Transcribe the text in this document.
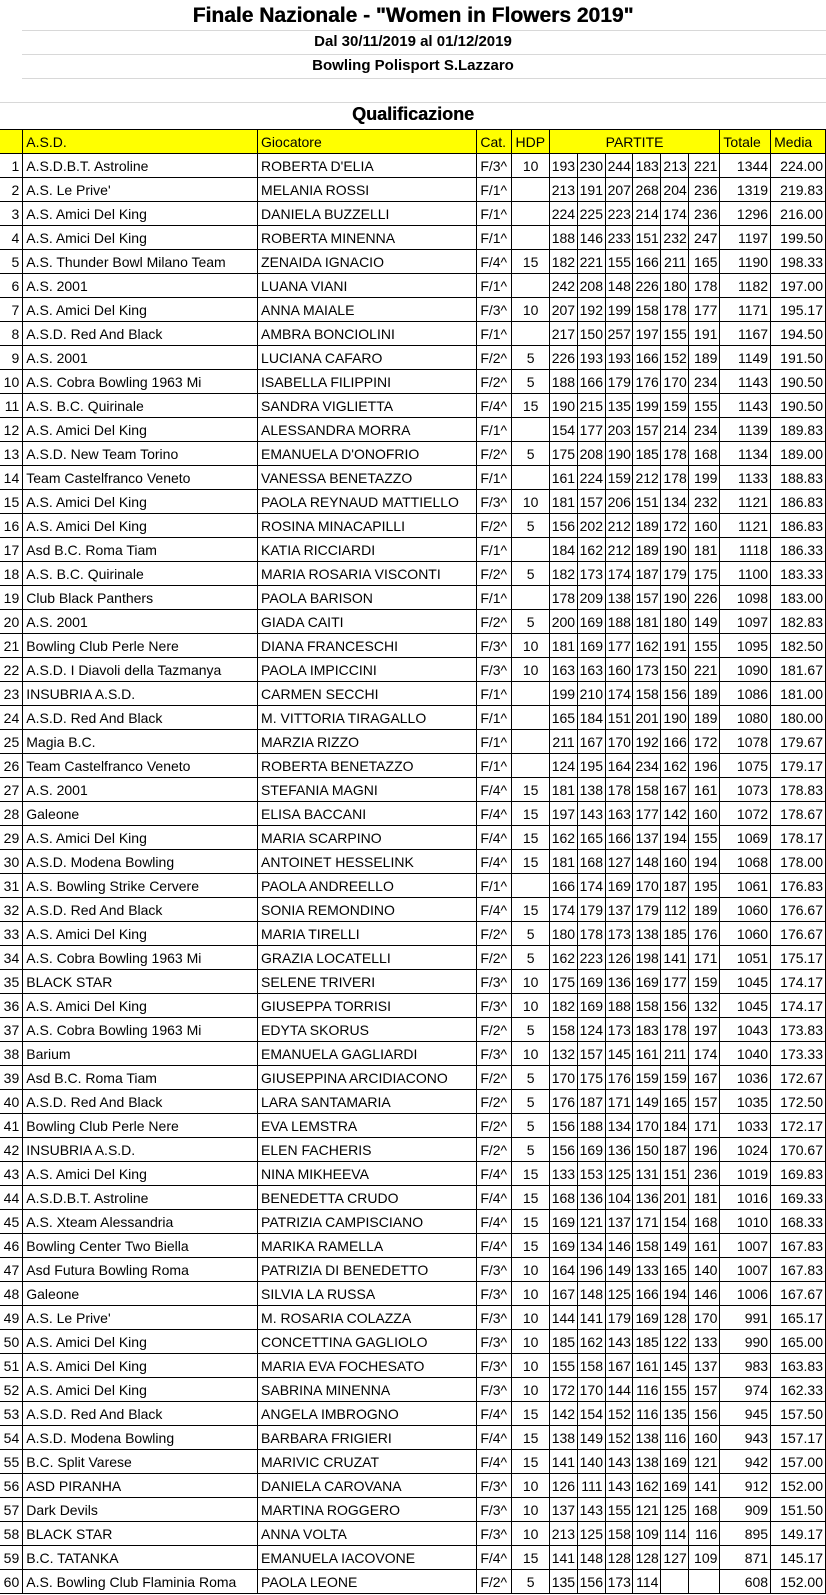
Finale Nazionale - "Women in Flowers 2019"
Dal 30/11/2019 al 01/12/2019
Bowling Polisport S.Lazzaro
Qualificazione
	A.S.D.	Giocatore	Cat.	HDP	PARTITE						Totale	Media
1	A.S.D.B.T. Astroline	ROBERTA D'ELIA	F/3^	10	193	230	244	183	213	221	1344	224.00
2	A.S. Le Prive'	MELANIA ROSSI	F/1^		213	191	207	268	204	236	1319	219.83
3	A.S. Amici Del King	DANIELA BUZZELLI	F/1^		224	225	223	214	174	236	1296	216.00
4	A.S. Amici Del King	ROBERTA MINENNA	F/1^		188	146	233	151	232	247	1197	199.50
5	A.S. Thunder Bowl Milano Team	ZENAIDA IGNACIO	F/4^	15	182	221	155	166	211	165	1190	198.33
6	A.S. 2001	LUANA VIANI	F/1^		242	208	148	226	180	178	1182	197.00
7	A.S. Amici Del King	ANNA MAIALE	F/3^	10	207	192	199	158	178	177	1171	195.17
8	A.S.D. Red And Black	AMBRA BONCIOLINI	F/1^		217	150	257	197	155	191	1167	194.50
9	A.S. 2001	LUCIANA CAFARO	F/2^	5	226	193	193	166	152	189	1149	191.50
10	A.S. Cobra Bowling 1963 Mi	ISABELLA FILIPPINI	F/2^	5	188	166	179	176	170	234	1143	190.50
11	A.S. B.C. Quirinale	SANDRA VIGLIETTA	F/4^	15	190	215	135	199	159	155	1143	190.50
12	A.S. Amici Del King	ALESSANDRA MORRA	F/1^		154	177	203	157	214	234	1139	189.83
13	A.S.D. New Team Torino	EMANUELA D'ONOFRIO	F/2^	5	175	208	190	185	178	168	1134	189.00
14	Team Castelfranco Veneto	VANESSA BENETAZZO	F/1^		161	224	159	212	178	199	1133	188.83
15	A.S. Amici Del King	PAOLA REYNAUD MATTIELLO	F/3^	10	181	157	206	151	134	232	1121	186.83
16	A.S. Amici Del King	ROSINA MINACAPILLI	F/2^	5	156	202	212	189	172	160	1121	186.83
17	Asd B.C. Roma Tiam	KATIA RICCIARDI	F/1^		184	162	212	189	190	181	1118	186.33
18	A.S. B.C. Quirinale	MARIA ROSARIA VISCONTI	F/2^	5	182	173	174	187	179	175	1100	183.33
19	Club Black Panthers	PAOLA BARISON	F/1^		178	209	138	157	190	226	1098	183.00
20	A.S. 2001	GIADA CAITI	F/2^	5	200	169	188	181	180	149	1097	182.83
21	Bowling Club Perle Nere	DIANA FRANCESCHI	F/3^	10	181	169	177	162	191	155	1095	182.50
22	A.S.D. I Diavoli della Tazmanya	PAOLA IMPICCINI	F/3^	10	163	163	160	173	150	221	1090	181.67
23	INSUBRIA A.S.D.	CARMEN SECCHI	F/1^		199	210	174	158	156	189	1086	181.00
24	A.S.D. Red And Black	M. VITTORIA TIRAGALLO	F/1^		165	184	151	201	190	189	1080	180.00
25	Magia B.C.	MARZIA RIZZO	F/1^		211	167	170	192	166	172	1078	179.67
26	Team Castelfranco Veneto	ROBERTA BENETAZZO	F/1^		124	195	164	234	162	196	1075	179.17
27	A.S. 2001	STEFANIA MAGNI	F/4^	15	181	138	178	158	167	161	1073	178.83
28	Galeone	ELISA BACCANI	F/4^	15	197	143	163	177	142	160	1072	178.67
29	A.S. Amici Del King	MARIA SCARPINO	F/4^	15	162	165	166	137	194	155	1069	178.17
30	A.S.D. Modena Bowling	ANTOINET HESSELINK	F/4^	15	181	168	127	148	160	194	1068	178.00
31	A.S. Bowling Strike Cervere	PAOLA ANDREELLO	F/1^		166	174	169	170	187	195	1061	176.83
32	A.S.D. Red And Black	SONIA REMONDINO	F/4^	15	174	179	137	179	112	189	1060	176.67
33	A.S. Amici Del King	MARIA TIRELLI	F/2^	5	180	178	173	138	185	176	1060	176.67
34	A.S. Cobra Bowling 1963 Mi	GRAZIA LOCATELLI	F/2^	5	162	223	126	198	141	171	1051	175.17
35	BLACK STAR	SELENE TRIVERI	F/3^	10	175	169	136	169	177	159	1045	174.17
36	A.S. Amici Del King	GIUSEPPA TORRISI	F/3^	10	182	169	188	158	156	132	1045	174.17
37	A.S. Cobra Bowling 1963 Mi	EDYTA SKORUS	F/2^	5	158	124	173	183	178	197	1043	173.83
38	Barium	EMANUELA GAGLIARDI	F/3^	10	132	157	145	161	211	174	1040	173.33
39	Asd B.C. Roma Tiam	GIUSEPPINA ARCIDIACONO	F/2^	5	170	175	176	159	159	167	1036	172.67
40	A.S.D. Red And Black	LARA SANTAMARIA	F/2^	5	176	187	171	149	165	157	1035	172.50
41	Bowling Club Perle Nere	EVA LEMSTRA	F/2^	5	156	188	134	170	184	171	1033	172.17
42	INSUBRIA A.S.D.	ELEN FACHERIS	F/2^	5	156	169	136	150	187	196	1024	170.67
43	A.S. Amici Del King	NINA MIKHEEVA	F/4^	15	133	153	125	131	151	236	1019	169.83
44	A.S.D.B.T. Astroline	BENEDETTA CRUDO	F/4^	15	168	136	104	136	201	181	1016	169.33
45	A.S. Xteam Alessandria	PATRIZIA CAMPISCIANO	F/4^	15	169	121	137	171	154	168	1010	168.33
46	Bowling Center Two Biella	MARIKA RAMELLA	F/4^	15	169	134	146	158	149	161	1007	167.83
47	Asd Futura Bowling Roma	PATRIZIA DI BENEDETTO	F/3^	10	164	196	149	133	165	140	1007	167.83
48	Galeone	SILVIA LA RUSSA	F/3^	10	167	148	125	166	194	146	1006	167.67
49	A.S. Le Prive'	M. ROSARIA COLAZZA	F/3^	10	144	141	179	169	128	170	991	165.17
50	A.S. Amici Del King	CONCETTINA GAGLIOLO	F/3^	10	185	162	143	185	122	133	990	165.00
51	A.S. Amici Del King	MARIA EVA FOCHESATO	F/3^	10	155	158	167	161	145	137	983	163.83
52	A.S. Amici Del King	SABRINA MINENNA	F/3^	10	172	170	144	116	155	157	974	162.33
53	A.S.D. Red And Black	ANGELA IMBROGNO	F/4^	15	142	154	152	116	135	156	945	157.50
54	A.S.D. Modena Bowling	BARBARA FRIGIERI	F/4^	15	138	149	152	138	116	160	943	157.17
55	B.C. Split Varese	MARIVIC CRUZAT	F/4^	15	141	140	143	138	169	121	942	157.00
56	ASD PIRANHA	DANIELA CAROVANA	F/3^	10	126	111	143	162	169	141	912	152.00
57	Dark Devils	MARTINA ROGGERO	F/3^	10	137	143	155	121	125	168	909	151.50
58	BLACK STAR	ANNA VOLTA	F/3^	10	213	125	158	109	114	116	895	149.17
59	B.C. TATANKA	EMANUELA IACOVONE	F/4^	15	141	148	128	128	127	109	871	145.17
60	A.S. Bowling Club Flaminia Roma	PAOLA LEONE	F/2^	5	135	156	173	114			608	152.00
